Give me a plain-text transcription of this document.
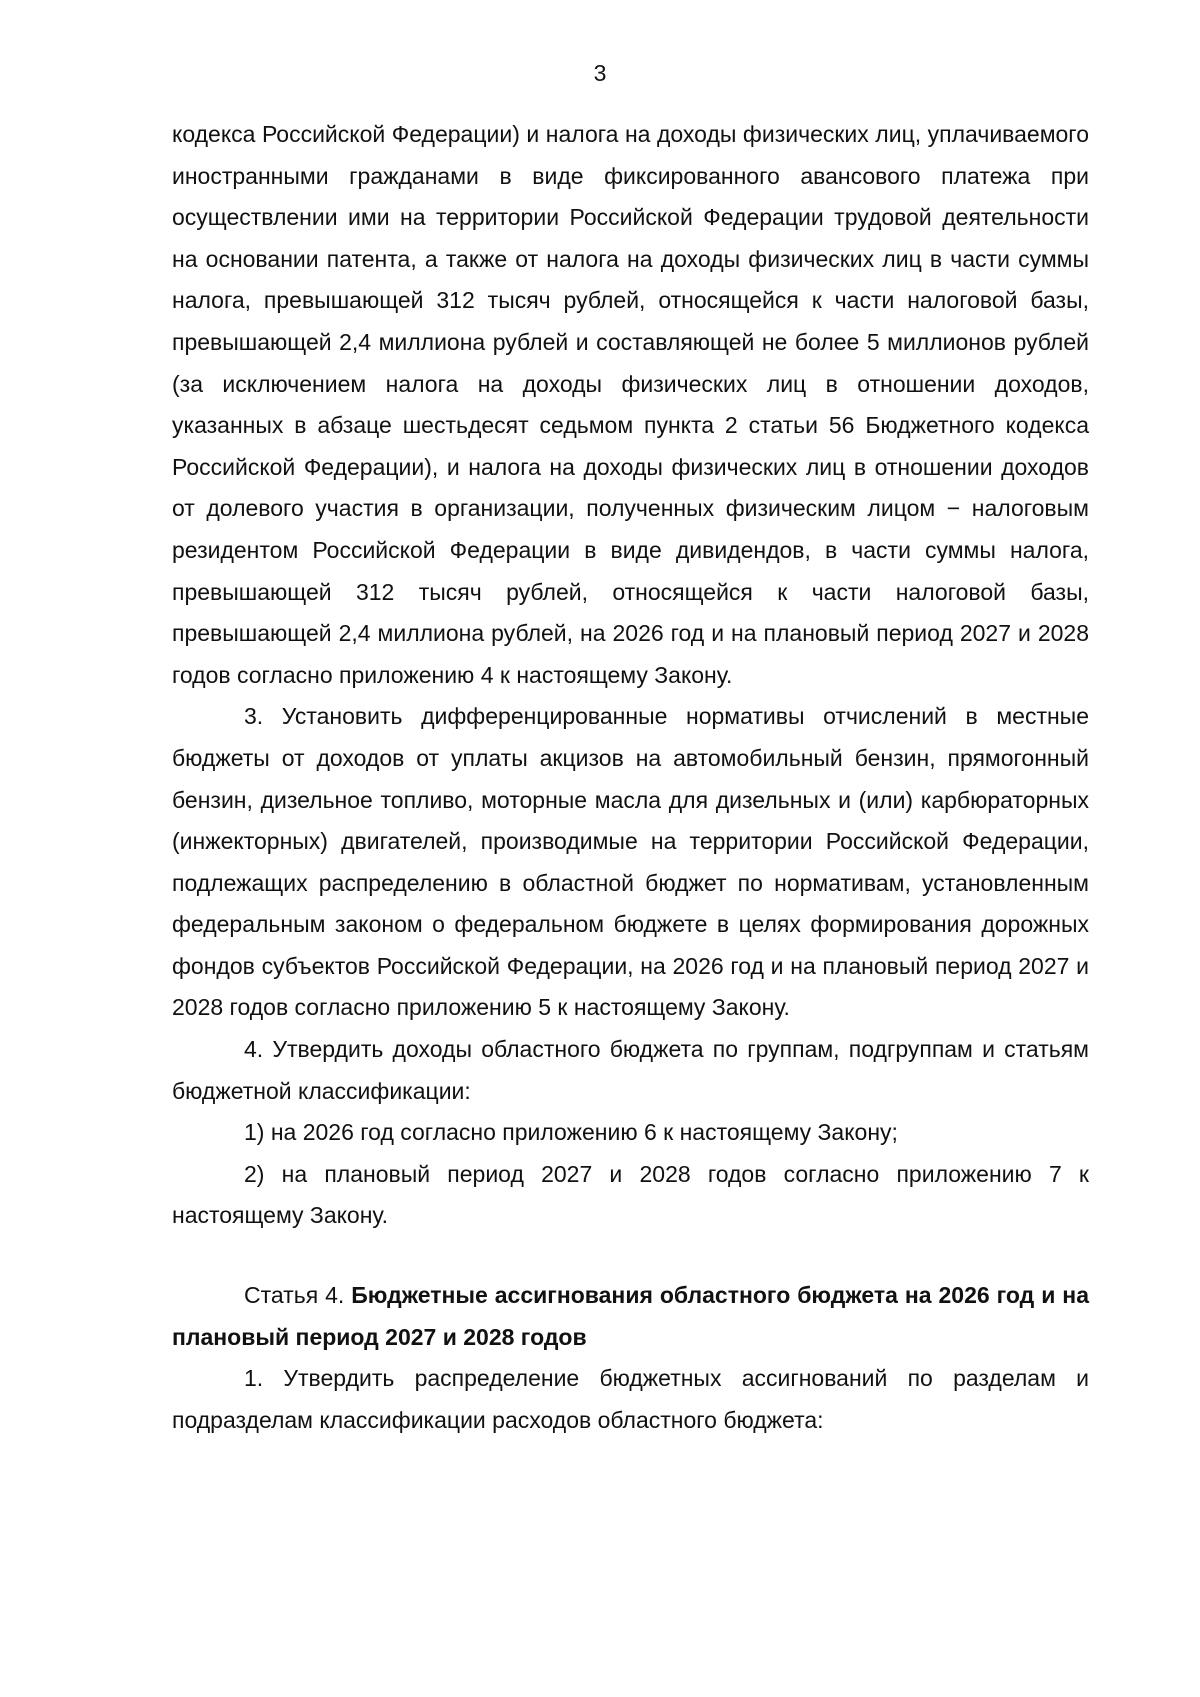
3

кодекса Российской Федерации) и налога на доходы физических лиц, уплачиваемого иностранными гражданами в виде фиксированного авансового платежа при осуществлении ими на территории Российской Федерации трудовой деятельности на основании патента, а также от налога на доходы физических лиц в части суммы налога, превышающей 312 тысяч рублей, относящейся к части налоговой базы, превышающей 2,4 миллиона рублей и составляющей не более 5 миллионов рублей (за исключением налога на доходы физических лиц в отношении доходов, указанных в абзаце шестьдесят седьмом пункта 2 статьи 56 Бюджетного кодекса Российской Федерации), и налога на доходы физических лиц в отношении доходов от долевого участия в организации, полученных физическим лицом − налоговым резидентом Российской Федерации в виде дивидендов, в части суммы налога, превышающей 312 тысяч рублей, относящейся к части налоговой базы, превышающей 2,4 миллиона рублей, на 2026 год и на плановый период 2027 и 2028 годов согласно приложению 4 к настоящему Закону.

3. Установить дифференцированные нормативы отчислений в местные бюджеты от доходов от уплаты акцизов на автомобильный бензин, прямогонный бензин, дизельное топливо, моторные масла для дизельных и (или) карбюраторных (инжекторных) двигателей, производимые на территории Российской Федерации, подлежащих распределению в областной бюджет по нормативам, установленным федеральным законом о федеральном бюджете в целях формирования дорожных фондов субъектов Российской Федерации, на 2026 год и на плановый период 2027 и 2028 годов согласно приложению 5 к настоящему Закону.

4. Утвердить доходы областного бюджета по группам, подгруппам и статьям бюджетной классификации:

1) на 2026 год согласно приложению 6 к настоящему Закону;

2) на плановый период 2027 и 2028 годов согласно приложению 7 к настоящему Закону.

Статья 4. Бюджетные ассигнования областного бюджета на 2026 год и на плановый период 2027 и 2028 годов

1. Утвердить распределение бюджетных ассигнований по разделам и подразделам классификации расходов областного бюджета:
